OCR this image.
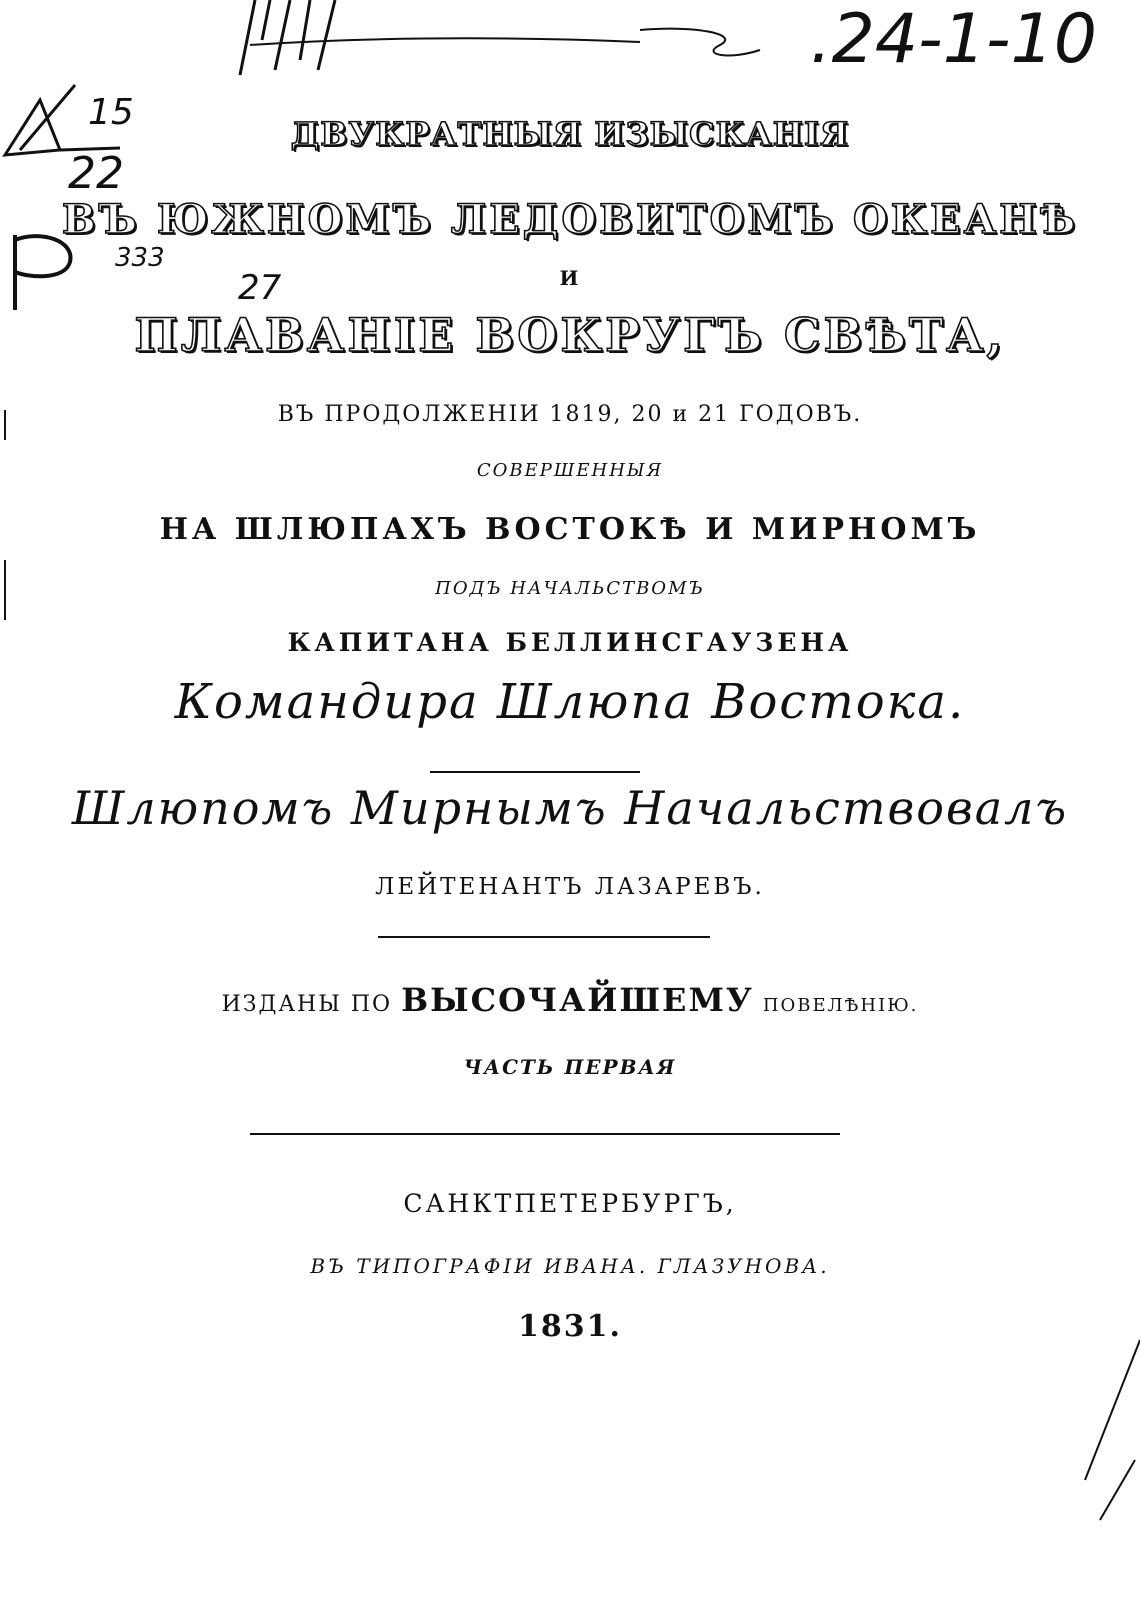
.24-1-10
15
22
333
27
ДВУКРАТНЫЯ ИЗЫСКАНІЯ
ВЪ ЮЖНОМЪ ЛЕДОВИТОМЪ ОКЕАНѢ
И
ПЛАВАНІЕ ВОКРУГЪ СВѢТА,
ВЪ ПРОДОЛЖЕНІИ 1819, 20 и 21 ГОДОВЪ.
СОВЕРШЕННЫЯ
НА ШЛЮПАХЪ ВОСТОКѢ И МИРНОМЪ
ПОДЪ НАЧАЛЬСТВОМЪ
КАПИТАНА БЕЛЛИНСГАУЗЕНА
Командира Шлюпа Востока.
Шлюпомъ Мирнымъ Начальствовалъ
ЛЕЙТЕНАНТЪ ЛАЗАРЕВЪ.
ИЗДАНЫ ПО ВЫСОЧАЙШЕМУ ПОВЕЛѢНІЮ.
ЧАСТЬ ПЕРВАЯ
САНКТПЕТЕРБУРГЪ,
ВЪ ТИПОГРАФІИ ИВАНА. ГЛАЗУНОВА.
1831.
